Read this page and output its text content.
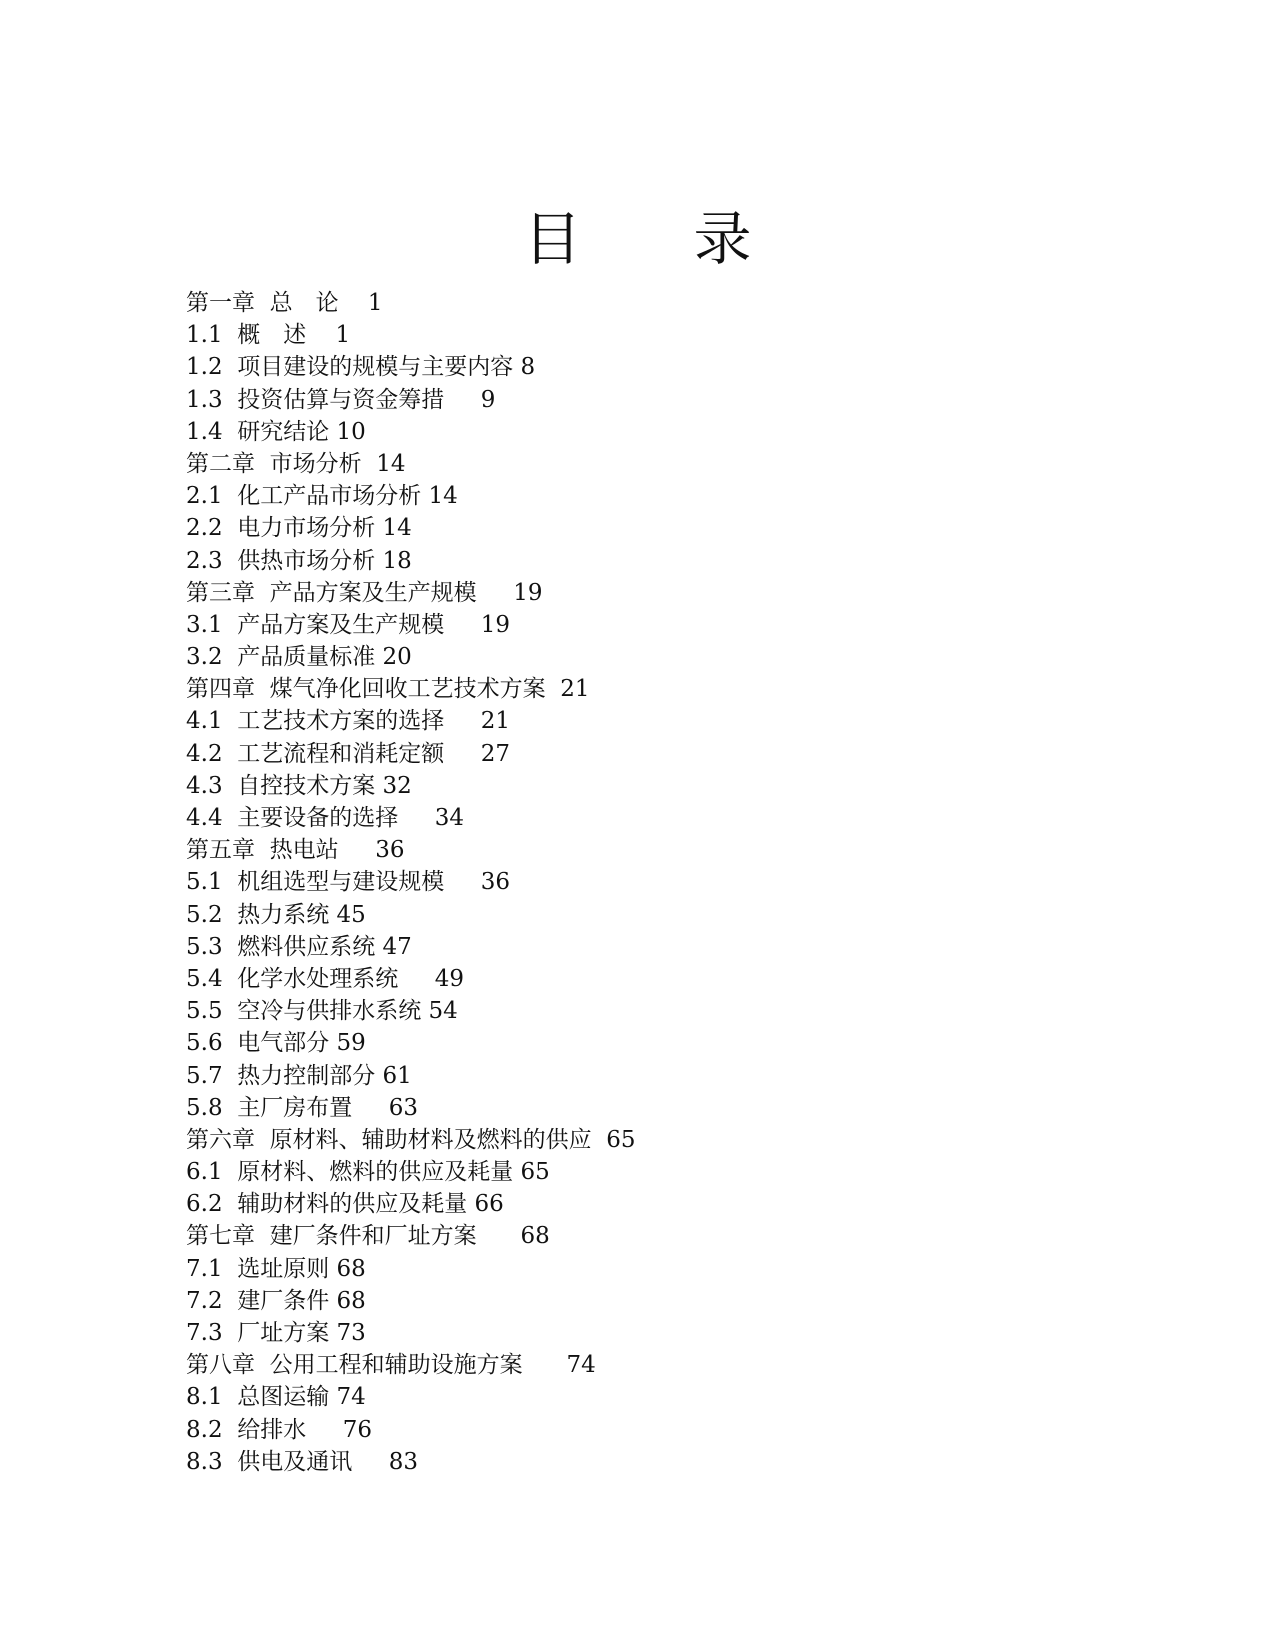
目 录
第一章 总　论 1
1.1 概　述 1
1.2 项目建设的规模与主要内容 8
1.3 投资估算与资金筹措 9
1.4 研究结论 10
第二章 市场分析 14
2.1 化工产品市场分析 14
2.2 电力市场分析 14
2.3 供热市场分析 18
第三章 产品方案及生产规模 19
3.1 产品方案及生产规模 19
3.2 产品质量标准 20
第四章 煤气净化回收工艺技术方案 21
4.1 工艺技术方案的选择 21
4.2 工艺流程和消耗定额 27
4.3 自控技术方案 32
4.4 主要设备的选择 34
第五章 热电站 36
5.1 机组选型与建设规模 36
5.2 热力系统 45
5.3 燃料供应系统 47
5.4 化学水处理系统 49
5.5 空冷与供排水系统 54
5.6 电气部分 59
5.7 热力控制部分 61
5.8 主厂房布置 63
第六章 原材料、辅助材料及燃料的供应 65
6.1 原材料、燃料的供应及耗量 65
6.2 辅助材料的供应及耗量 66
第七章 建厂条件和厂址方案 68
7.1 选址原则 68
7.2 建厂条件 68
7.3 厂址方案 73
第八章 公用工程和辅助设施方案 74
8.1 总图运输 74
8.2 给排水 76
8.3 供电及通讯 83
